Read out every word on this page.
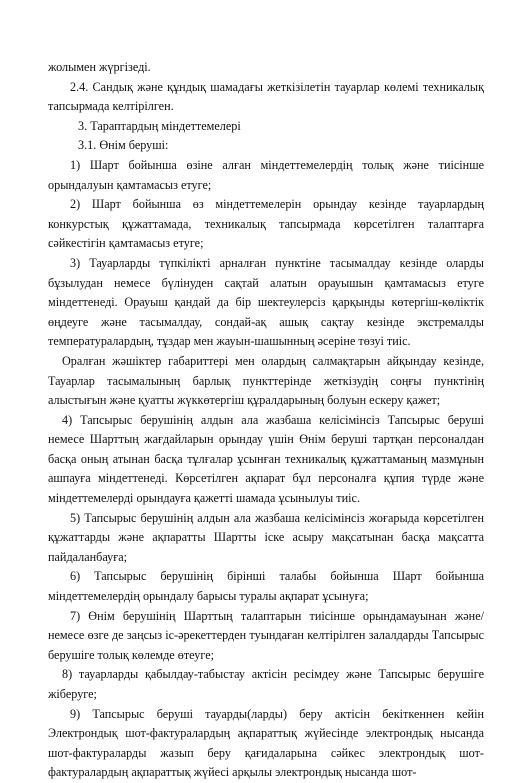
жолымен жүргізеді.

2.4. Сандық және құндық шамадағы жеткізілетін тауарлар көлемі техникалық тапсырмада келтірілген.

3. Тараптардың міндеттемелері

3.1. Өнім беруші:

1) Шарт бойынша өзіне алған міндеттемелердің толық және тиісінше орындалуын қамтамасыз етуге;

2) Шарт бойынша өз міндеттемелерін орындау кезінде тауарлардың конкурстық құжаттамада, техникалық тапсырмада көрсетілген талаптарға сәйкестігін қамтамасыз етуге;

3) Тауарларды түпкілікті арналған пунктіне тасымалдау кезінде оларды бұзылудан немесе бүлінуден сақтай алатын орауышын қамтамасыз етуге міндеттенеді. Орауыш қандай да бір шектеулерсіз қарқынды көтергіш-көліктік өңдеуге және тасымалдау, сондай-ақ ашық сақтау кезінде экстремалды температуралардың, тұздар мен жауын-шашынның әсеріне төзуі тиіс.

Оралған жәшіктер габариттері мен олардың салмақтарын айқындау кезінде, Тауарлар тасымалының барлық пункттерінде жеткізудің соңғы пунктінің алыстығын және қуатты жүккөтергіш құралдарының болуын ескеру қажет;

4) Тапсырыс берушінің алдын ала жазбаша келісімінсіз Тапсырыс беруші немесе Шарттың жағдайларын орындау үшін Өнім беруші тартқан персоналдан басқа оның атынан басқа тұлғалар ұсынған техникалық құжаттаманың мазмұнын ашпауға міндеттенеді. Көрсетілген ақпарат бұл персоналға құпия түрде және міндеттемелерді орындауға қажетті шамада ұсынылуы тиіс.

5) Тапсырыс берушінің алдын ала жазбаша келісімінсіз жоғарыда көрсетілген құжаттарды және ақпаратты Шартты іске асыру мақсатынан басқа мақсатта пайдаланбауға;

6) Тапсырыс берушінің бірінші талабы бойынша Шарт бойынша міндеттемелердің орындалу барысы туралы ақпарат ұсынуға;

7) Өнім берушінің Шарттың талаптарын тиісінше орындамауынан және/немесе өзге де заңсыз іс-әрекеттерден туындаған келтірілген залалдарды Тапсырыс берушіге толық көлемде өтеуге;

8) тауарларды қабылдау-табыстау актісін ресімдеу және Тапсырыс берушіге жіберуге;

9) Тапсырыс беруші тауарды(ларды) беру актісін бекіткеннен кейін Электрондық шот-фактуралардың ақпараттық жүйесінде электрондық нысанда шот-фактураларды жазып беру қағидаларына сәйкес электрондық шот-фактуралардың ақпараттық жүйесі арқылы электрондық нысанда шот-
